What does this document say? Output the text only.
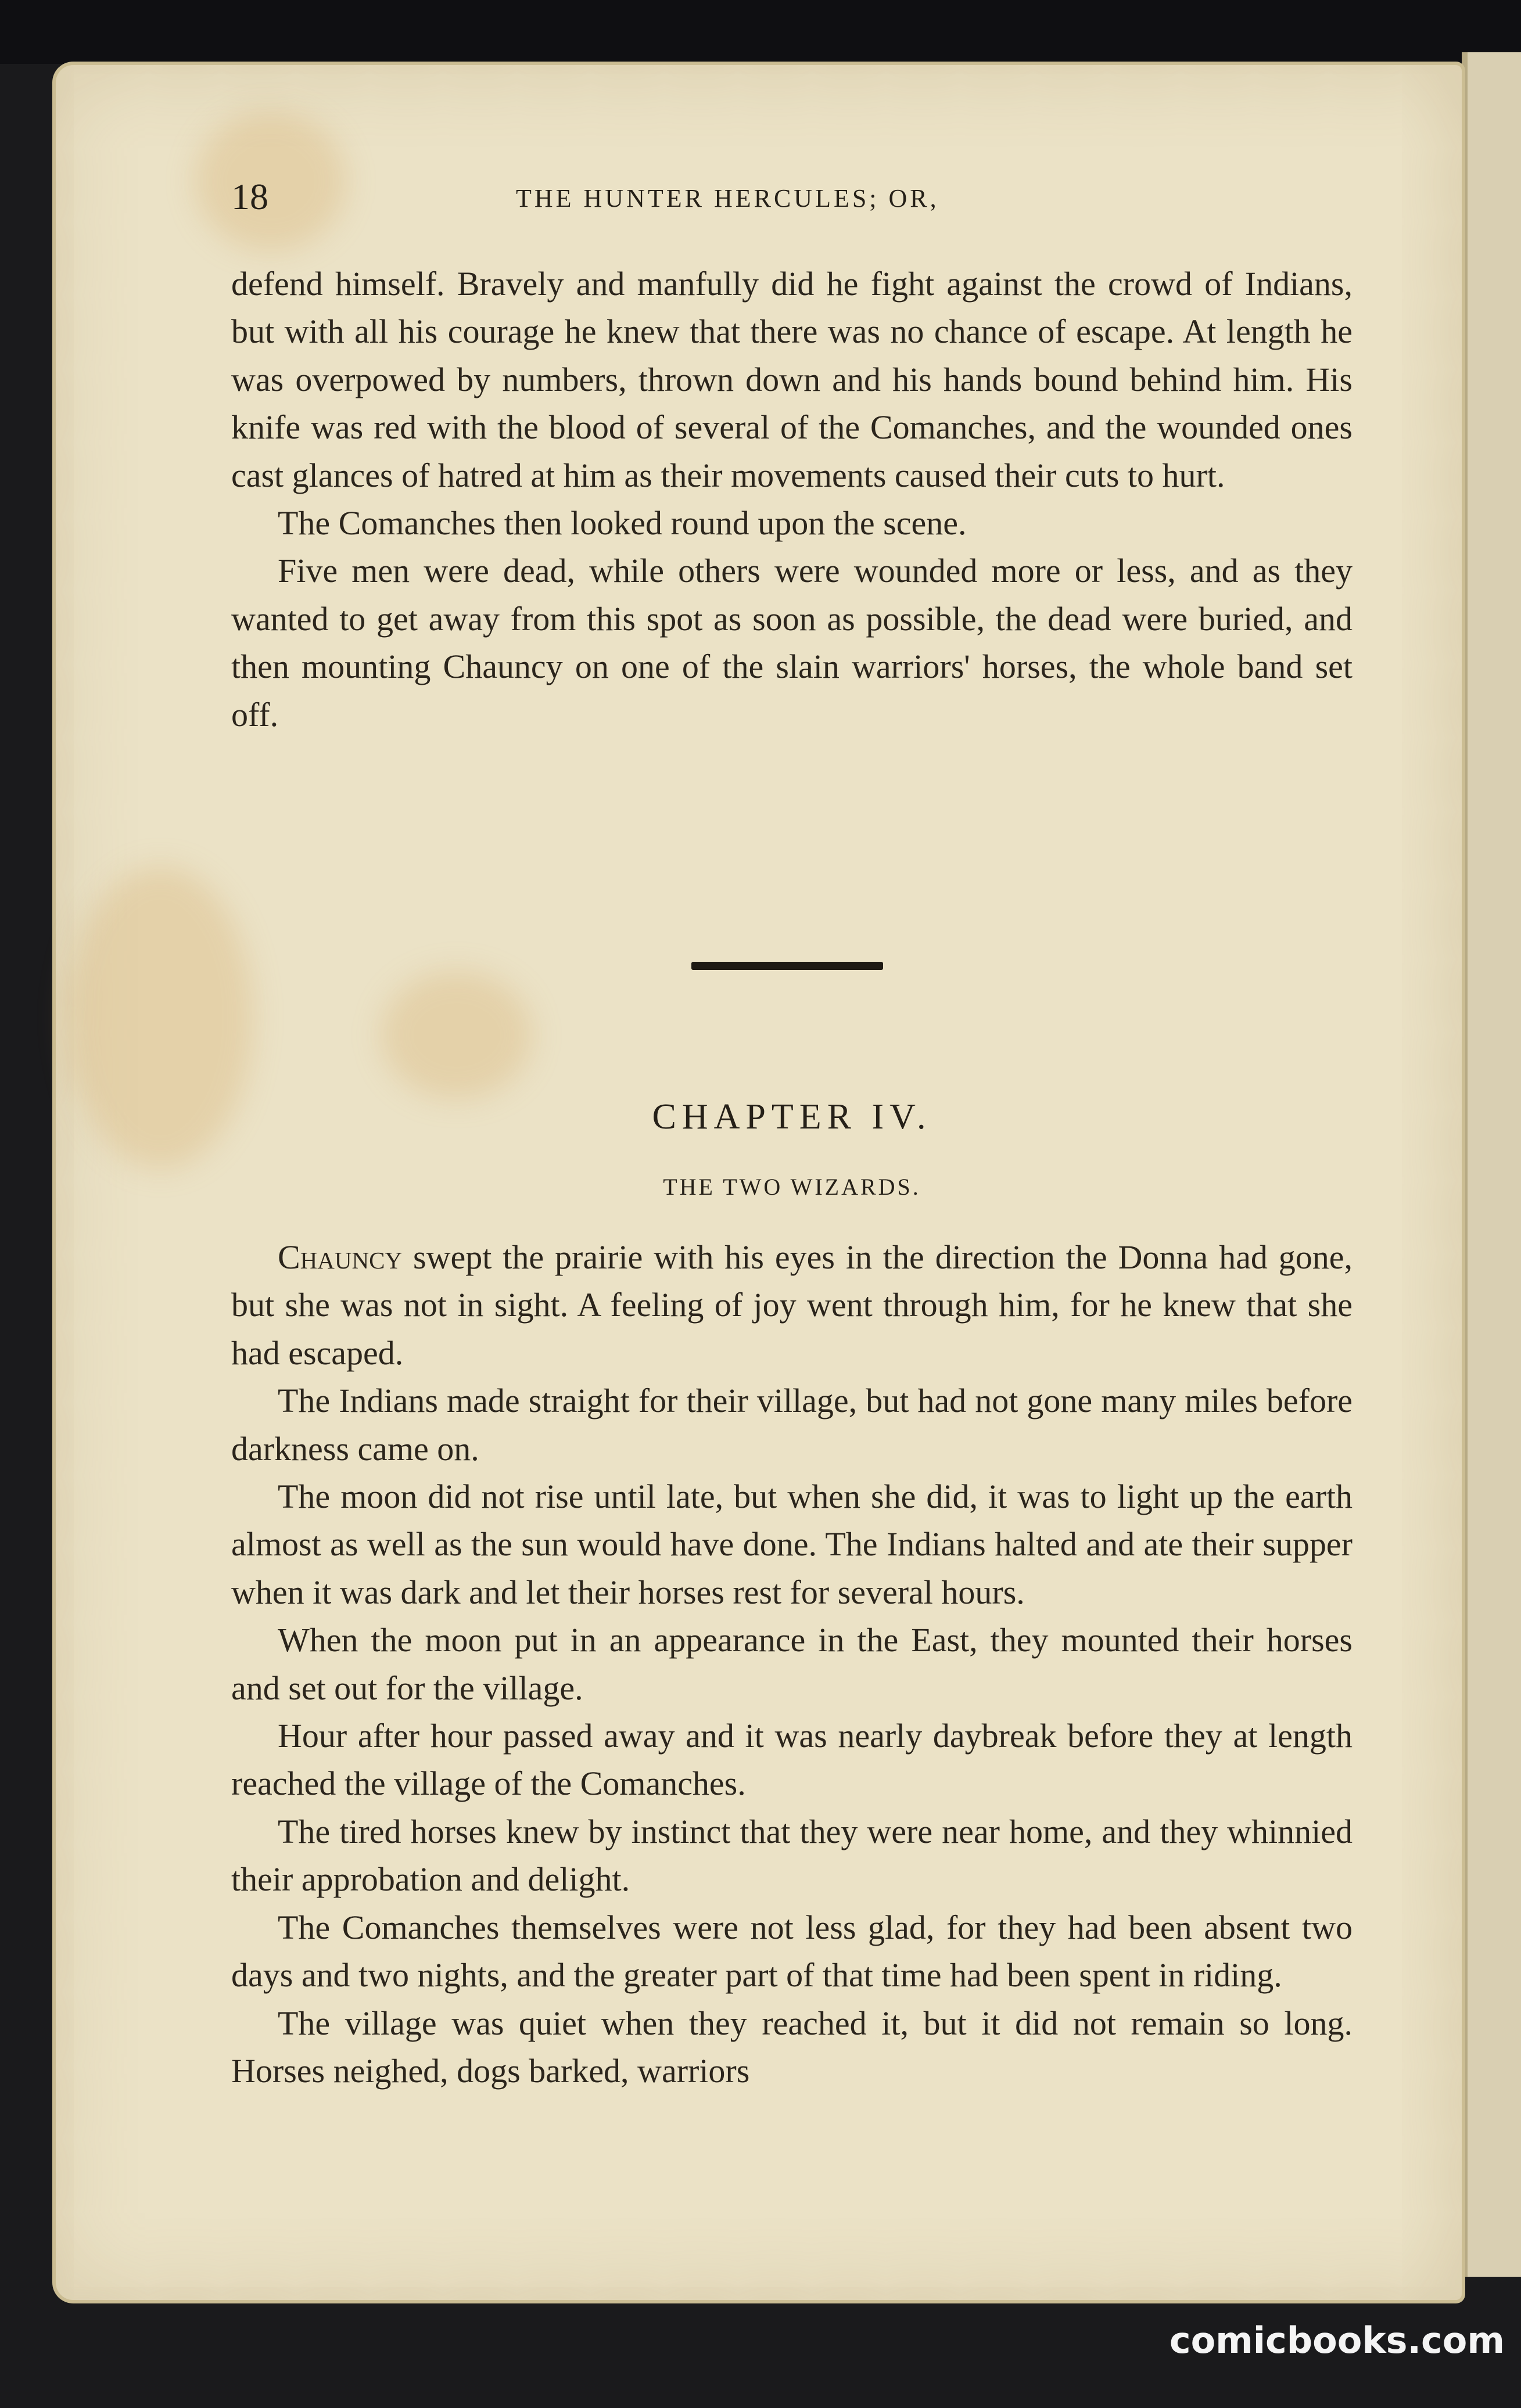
18	THE HUNTER HERCULES; OR,

defend himself. Bravely and manfully did he fight against the crowd of Indians, but with all his courage he knew that there was no chance of escape. At length he was overpowed by numbers, thrown down and his hands bound behind him. His knife was red with the blood of several of the Comanches, and the wounded ones cast glances of hatred at him as their movements caused their cuts to hurt.

The Comanches then looked round upon the scene.

Five men were dead, while others were wounded more or less, and as they wanted to get away from this spot as soon as possible, the dead were buried, and then mounting Chauncy on one of the slain warriors' horses, the whole band set off.

CHAPTER IV.
THE TWO WIZARDS.

Chauncy swept the prairie with his eyes in the direction the Donna had gone, but she was not in sight. A feeling of joy went through him, for he knew that she had escaped.

The Indians made straight for their village, but had not gone many miles before darkness came on.

The moon did not rise until late, but when she did, it was to light up the earth almost as well as the sun would have done. The Indians halted and ate their supper when it was dark and let their horses rest for several hours.

When the moon put in an appearance in the East, they mounted their horses and set out for the village.

Hour after hour passed away and it was nearly daybreak before they at length reached the village of the Comanches.

The tired horses knew by instinct that they were near home, and they whinnied their approbation and delight.

The Comanches themselves were not less glad, for they had been absent two days and two nights, and the greater part of that time had been spent in riding.

The village was quiet when they reached it, but it did not remain so long. Horses neighed, dogs barked, warriors

comicbooks.com
